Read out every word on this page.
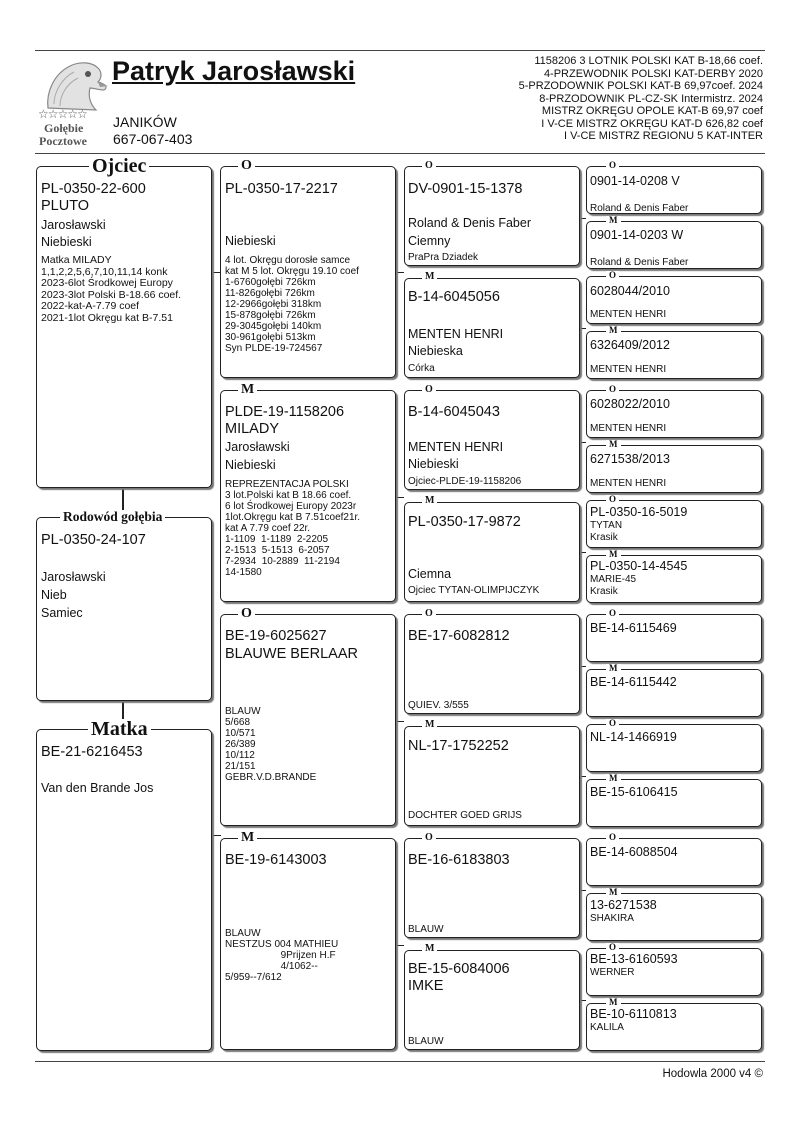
☆☆☆☆☆
Gołębie
Pocztowe
Patryk Jarosławski
JANIKÓW
667-067-403
1158206 3 LOTNIK POLSKI KAT B-18,66 coef.
4-PRZEWODNIK POLSKI KAT-DERBY 2020
5-PRZODOWNIK POLSKI KAT-B 69,97coef. 2024
8-PRZODOWNIK PL-CZ-SK Intermistrz. 2024
MISTRZ OKRĘGU OPOLE KAT-B 69,97 coef
I V-CE MISTRZ OKRĘGU KAT-D 626,82 coef
I V-CE MISTRZ REGIONU 5 KAT-INTER
PL-0350-22-600
PLUTO
Jarosławski
Niebieski
Matka MILADY
1,1,2,2,5,6,7,10,11,14 konk
2023-6lot Środkowej Europy
2023-3lot Polski B-18.66 coef.
2022-kat-A-7.79 coef
2021-1lot Okręgu kat B-7.51
Ojciec
PL-0350-24-107
Jarosławski
Nieb
Samiec
Rodowód gołębia
BE-21-6216453
Van den Brande Jos
Matka
PL-0350-17-2217
Niebieski
4 lot. Okręgu dorosłe samce
kat M 5 lot. Okręgu 19.10 coef
1-6760gołębi 726km
11-826gołębi 726km
12-2966gołębi 318km
15-878gołębi 726km
29-3045gołębi 140km
30-961gołębi 513km
Syn PLDE-19-724567
O
PLDE-19-1158206
MILADY
Jarosławski
Niebieski
REPREZENTACJA POLSKI
3 lot.Polski kat B 18.66 coef.
6 lot Środkowej Europy 2023r
1lot.Okręgu kat B 7.51coef21r.
kat A 7.79 coef 22r.
1-1109  1-1189  2-2205
2-1513  5-1513  6-2057
7-2934  10-2889  11-2194
14-1580
M
BE-19-6025627
BLAUWE BERLAAR
BLAUW
5/668
10/571
26/389
10/112
21/151
GEBR.V.D.BRANDE
O
BE-19-6143003
BLAUW
NESTZUS 004 MATHIEU
9Prijzen H.F
4/1062--
5/959--7/612
M
DV-0901-15-1378
Roland & Denis Faber
Ciemny
PraPra Dziadek
O
B-14-6045056
MENTEN HENRI
Niebieska
Córka
M
B-14-6045043
MENTEN HENRI
Niebieski
Ojciec-PLDE-19-1158206
O
PL-0350-17-9872
Ciemna
Ojciec TYTAN-OLIMPIJCZYK
M
BE-17-6082812
QUIEV. 3/555
O
NL-17-1752252
DOCHTER GOED GRIJS
M
BE-16-6183803
BLAUW
O
BE-15-6084006
IMKE
BLAUW
M
0901-14-0208 V
Roland & Denis Faber
O
0901-14-0203 W
Roland & Denis Faber
M
6028044/2010
MENTEN HENRI
O
6326409/2012
MENTEN HENRI
M
6028022/2010
MENTEN HENRI
O
6271538/2013
MENTEN HENRI
M
PL-0350-16-5019
TYTAN
Krasik
O
PL-0350-14-4545
MARIE-45
Krasik
M
BE-14-6115469
O
BE-14-6115442
M
NL-14-1466919
O
BE-15-6106415
M
BE-14-6088504
O
13-6271538
SHAKIRA
M
BE-13-6160593
WERNER
O
BE-10-6110813
KALILA
M
Hodowla 2000 v4 ©
